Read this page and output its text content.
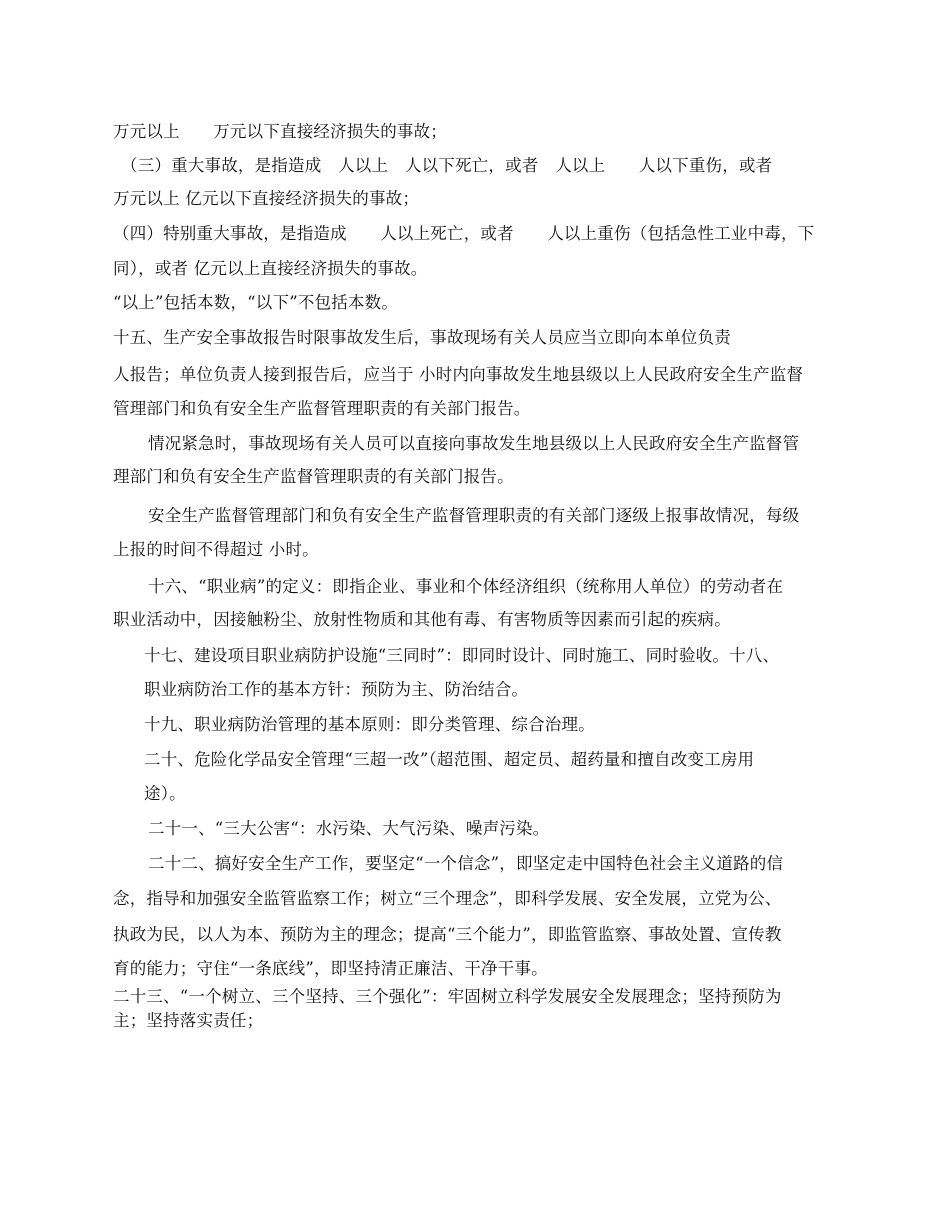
万元以上　　万元以下直接经济损失的事故；
（三）重大事故，是指造成　人以上　人以下死亡，或者　人以上　　人以下重伤，或者
万元以上 亿元以下直接经济损失的事故；
（四）特别重大事故，是指造成　　人以上死亡，或者　　人以上重伤（包括急性工业中毒，下
同），或者 亿元以上直接经济损失的事故。
“以上”包括本数，“以下”不包括本数。
十五、生产安全事故报告时限事故发生后，事故现场有关人员应当立即向本单位负责
人报告；单位负责人接到报告后，应当于 小时内向事故发生地县级以上人民政府安全生产监督
管理部门和负有安全生产监督管理职责的有关部门报告。
情况紧急时，事故现场有关人员可以直接向事故发生地县级以上人民政府安全生产监督管
理部门和负有安全生产监督管理职责的有关部门报告。
安全生产监督管理部门和负有安全生产监督管理职责的有关部门逐级上报事故情况，每级
上报的时间不得超过 小时。
十六、“职业病”的定义：即指企业、事业和个体经济组织（统称用人单位）的劳动者在
职业活动中，因接触粉尘、放射性物质和其他有毒、有害物质等因素而引起的疾病。
十七、建设项目职业病防护设施“三同时”：即同时设计、同时施工、同时验收。十八、
职业病防治工作的基本方针：预防为主、防治结合。
十九、职业病防治管理的基本原则：即分类管理、综合治理。
二十、危险化学品安全管理“三超一改”（超范围、超定员、超药量和擅自改变工房用
途）。
二十一、“三大公害“：水污染、大气污染、噪声污染。
二十二、搞好安全生产工作，要坚定“一个信念”，即坚定走中国特色社会主义道路的信
念，指导和加强安全监管监察工作；树立“三个理念”，即科学发展、安全发展，立党为公、
执政为民，以人为本、预防为主的理念；提高“三个能力”，即监管监察、事故处置、宣传教
育的能力；守住“一条底线”，即坚持清正廉洁、干净干事。
二十三、“一个树立、三个坚持、三个强化”：牢固树立科学发展安全发展理念；坚持预防为
主；坚持落实责任；
